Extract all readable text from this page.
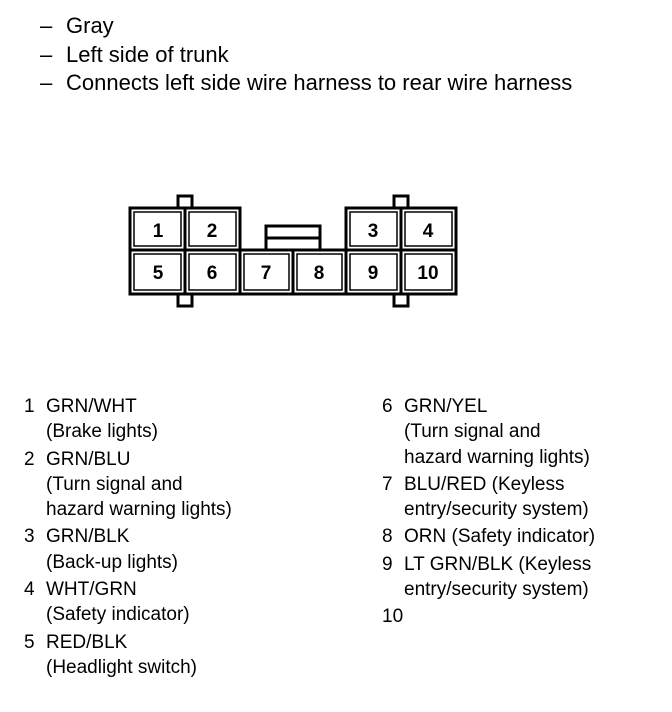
– Gray
– Left side of trunk
– Connects left side wire harness to rear wire harness
1 2	3 4
5 6 7 8 9 10
1 GRN/WHT
(Brake lights)
2 GRN/BLU
(Turn signal and
hazard warning lights)
3 GRN/BLK
(Back-up lights)
4 WHT/GRN
(Safety indicator)
5 RED/BLK
(Headlight switch)
6 GRN/YEL
(Turn signal and
hazard warning lights)
7 BLU/RED (Keyless
entry/security system)
8 ORN (Safety indicator)
9 LT GRN/BLK (Keyless
entry/security system)
10
